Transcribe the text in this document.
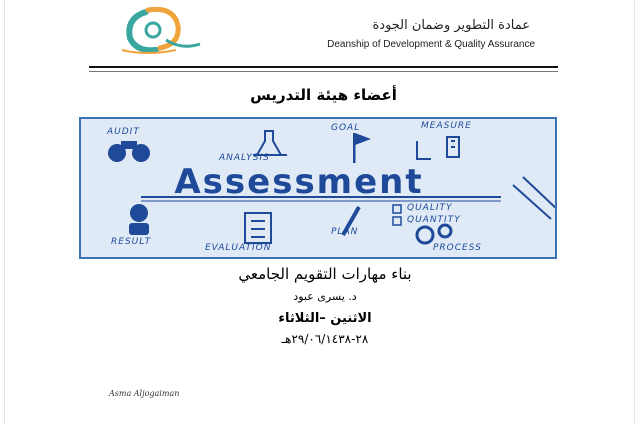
عمادة التطوير وضمان الجودة
Deanship of Development & Quality Assurance
أعضاء هيئة التدريس
AUDIT
ANALYSIS
GOAL	MEASURE
Assessment
QUALITY
QUANTITY
RESULT
EVALUATION
PLAN
PROCESS
بناء مهارات التقويم الجامعي
د. يسرى عبود
الاثنين –الثلاثاء
٢٨-٢٩/٠٦/١٤٣٨هـ
Asma Aljogaiman
